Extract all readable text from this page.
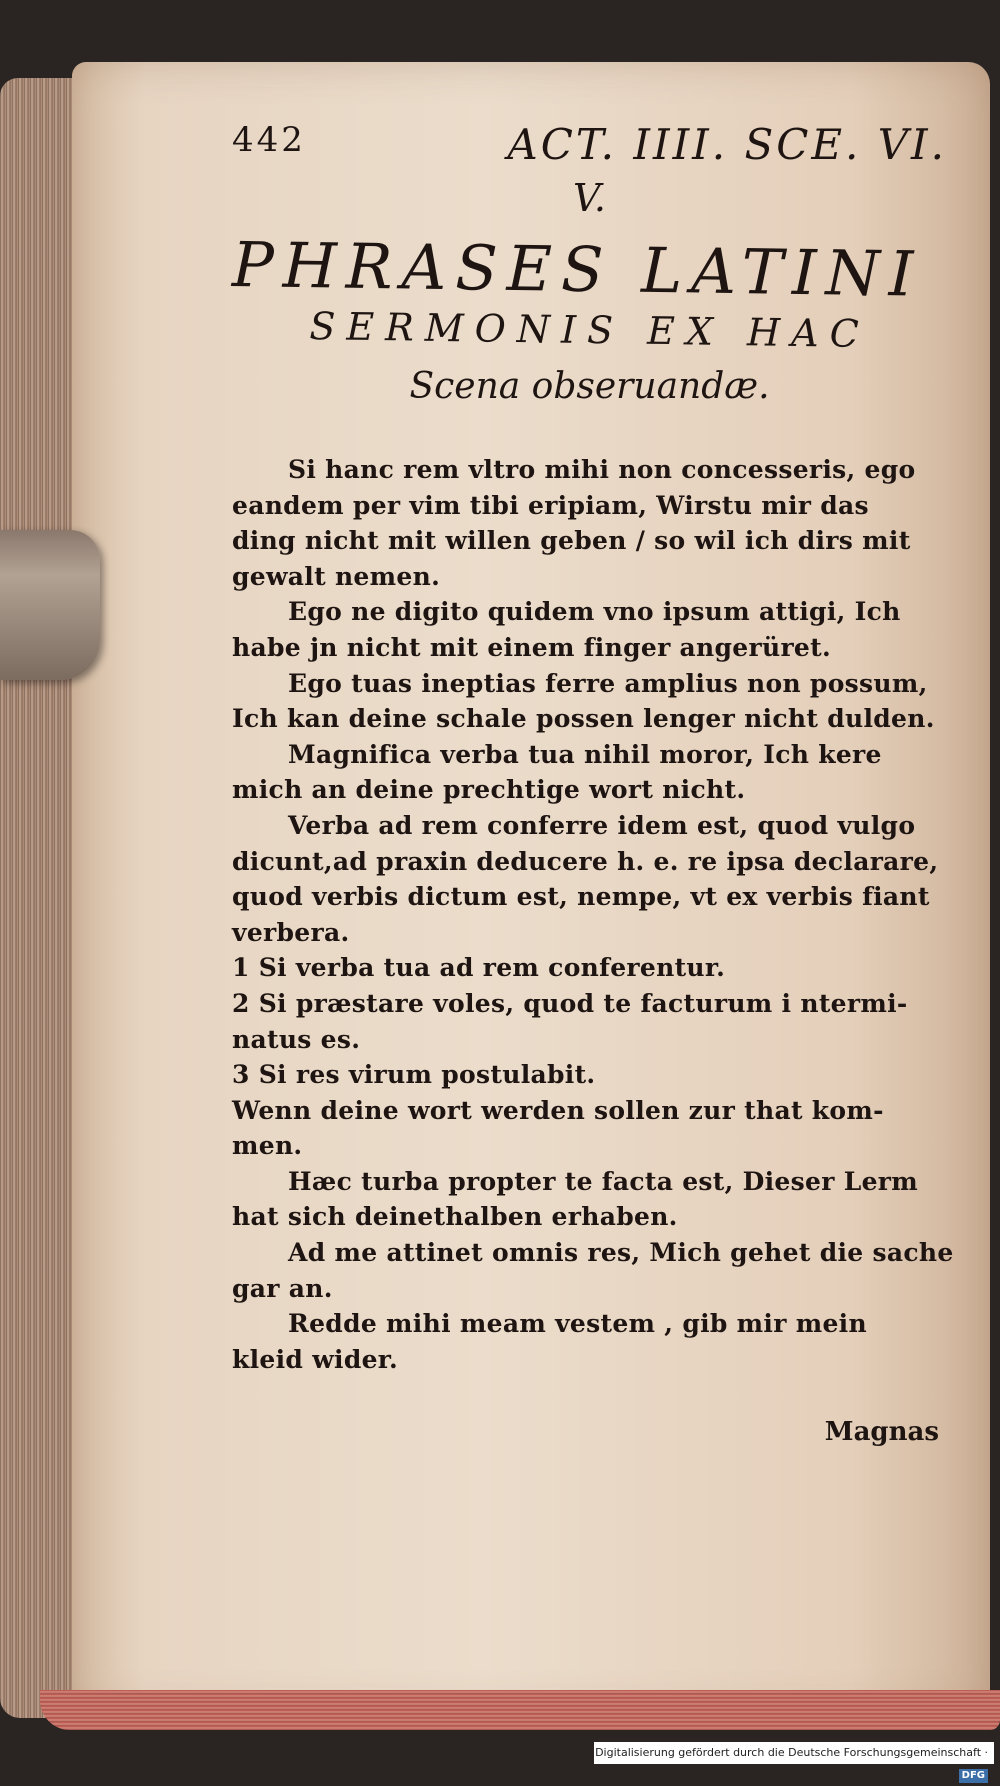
442	ACT. IIII. SCE. VI.
V.
PHRASES LATINI
SERMONIS EX HAC
Scena obseruandæ.
Si hanc rem vltro mihi non concesseris, ego
eandem per vim tibi eripiam, Wirstu mir das
ding nicht mit willen geben / so wil ich dirs mit
gewalt nemen.
Ego ne digito quidem vno ipsum attigi, Ich
habe jn nicht mit einem finger angerüret.
Ego tuas ineptias ferre amplius non possum,
Ich kan deine schale possen lenger nicht dulden.
Magnifica verba tua nihil moror, Ich kere
mich an deine prechtige wort nicht.
Verba ad rem conferre idem est, quod vulgo
dicunt,ad praxin deducere h. e. re ipsa declarare,
quod verbis dictum est, nempe, vt ex verbis fiant
verbera.
1 Si verba tua ad rem conferentur.
2 Si præstare voles, quod te facturum i ntermi-
natus es.
3 Si res virum postulabit.
Wenn deine wort werden sollen zur that kom-
men.
Hæc turba propter te facta est, Dieser Lerm
hat sich deinethalben erhaben.
Ad me attinet omnis res, Mich gehet die sache
gar an.
Redde mihi meam vestem , gib mir mein
kleid wider.
Magnas
Digitalisierung gefördert durch die Deutsche Forschungsgemeinschaft ·DFG
